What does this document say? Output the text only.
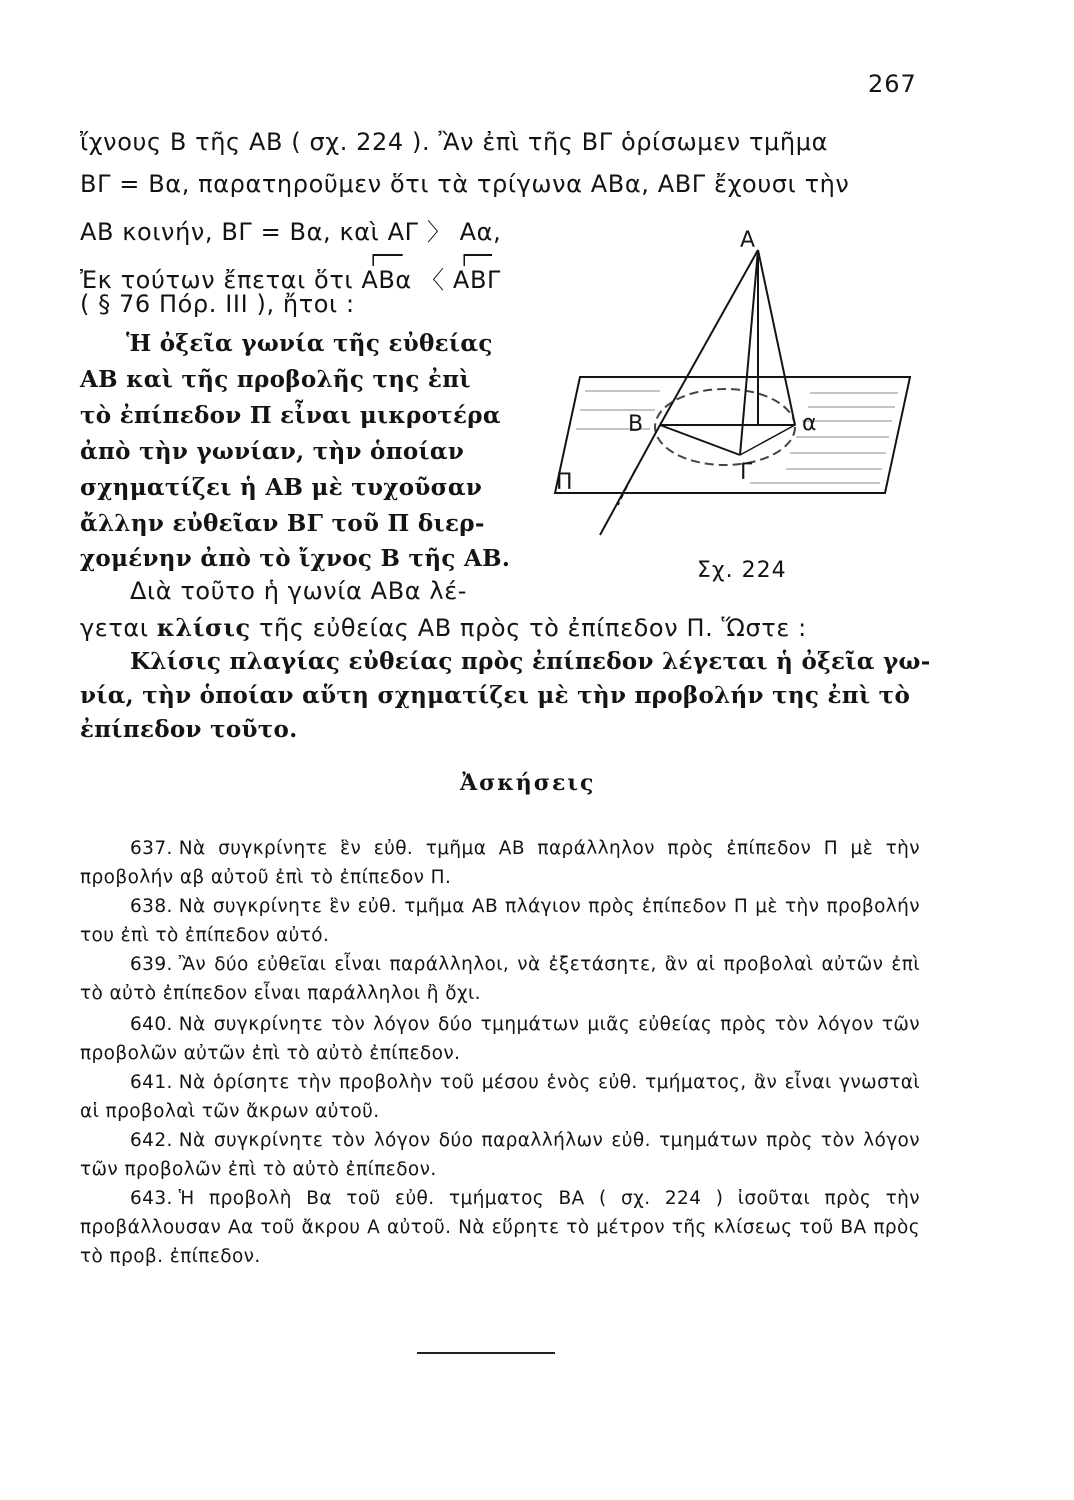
267
ἴχνους Β τῆς ΑΒ ( σχ. 224 ). Ἂν ἐπὶ τῆς ΒΓ ὁρίσωμεν τμῆμα
ΒΓ = Βα, παρατηροῦμεν ὅτι τὰ τρίγωνα ΑΒα, ΑΒΓ ἔχουσι τὴν
ΑΒ κοινήν, ΒΓ = Βα, καὶ ΑΓ 〉 Αα,
Ἐκ τούτων ἔπεται ὅτι ΑΒα 〈 ΑΒΓ
( § 76 Πόρ. III ), ἤτοι :
Ἡ ὀξεῖα γωνία τῆς εὐθείας
ΑΒ καὶ τῆς προβολῆς της ἐπὶ
τὸ ἐπίπεδον Π εἶναι μικροτέρα
ἀπὸ τὴν γωνίαν, τὴν ὁποίαν
σχηματίζει ἡ ΑΒ μὲ τυχοῦσαν
ἄλλην εὐθεῖαν ΒΓ τοῦ Π διερ-
χομένην ἀπὸ τὸ ἴχνος Β τῆς ΑΒ.
Διὰ τοῦτο ἡ γωνία ΑΒα λέ-
γεται κλίσις τῆς εὐθείας ΑΒ πρὸς τὸ ἐπίπεδον Π. Ὥστε :
Κλίσις πλαγίας εὐθείας πρὸς ἐπίπεδον λέγεται ἡ ὀξεῖα γω-
νία, τὴν ὁποίαν αὕτη σχηματίζει μὲ τὴν προβολήν της ἐπὶ τὸ
ἐπίπεδον τοῦτο.
Α
Β	α
Γ
Π
Σχ. 224
Ἀσκήσεις
637. Νὰ συγκρίνητε ἓν εὐθ. τμῆμα ΑΒ παράλληλον πρὸς ἐπίπεδον Π μὲ τὴν προβολήν αβ αὐτοῦ ἐπὶ τὸ ἐπίπεδον Π.
638. Νὰ συγκρίνητε ἓν εὐθ. τμῆμα ΑΒ πλάγιον πρὸς ἐπίπεδον Π μὲ τὴν προβολήν του ἐπὶ τὸ ἐπίπεδον αὐτό.
639. Ἂν δύο εὐθεῖαι εἶναι παράλληλοι, νὰ ἐξετάσητε, ἂν αἱ προβολαὶ αὐτῶν ἐπὶ τὸ αὐτὸ ἐπίπεδον εἶναι παράλληλοι ἢ ὄχι.
640. Νὰ συγκρίνητε τὸν λόγον δύο τμημάτων μιᾶς εὐθείας πρὸς τὸν λόγον τῶν προβολῶν αὐτῶν ἐπὶ τὸ αὐτὸ ἐπίπεδον.
641. Νὰ ὁρίσητε τὴν προβολὴν τοῦ μέσου ἑνὸς εὐθ. τμήματος, ἂν εἶναι γνωσταὶ αἱ προβολαὶ τῶν ἄκρων αὐτοῦ.
642. Νὰ συγκρίνητε τὸν λόγον δύο παραλλήλων εὐθ. τμημάτων πρὸς τὸν λόγον τῶν προβολῶν ἐπὶ τὸ αὐτὸ ἐπίπεδον.
643. Ἡ προβολὴ Βα τοῦ εὐθ. τμήματος ΒΑ ( σχ. 224 ) ἰσοῦται πρὸς τὴν προβάλλουσαν Αα τοῦ ἄκρου Α αὐτοῦ. Νὰ εὕρητε τὸ μέτρον τῆς κλίσεως τοῦ ΒΑ πρὸς τὸ προβ. ἐπίπεδον.
